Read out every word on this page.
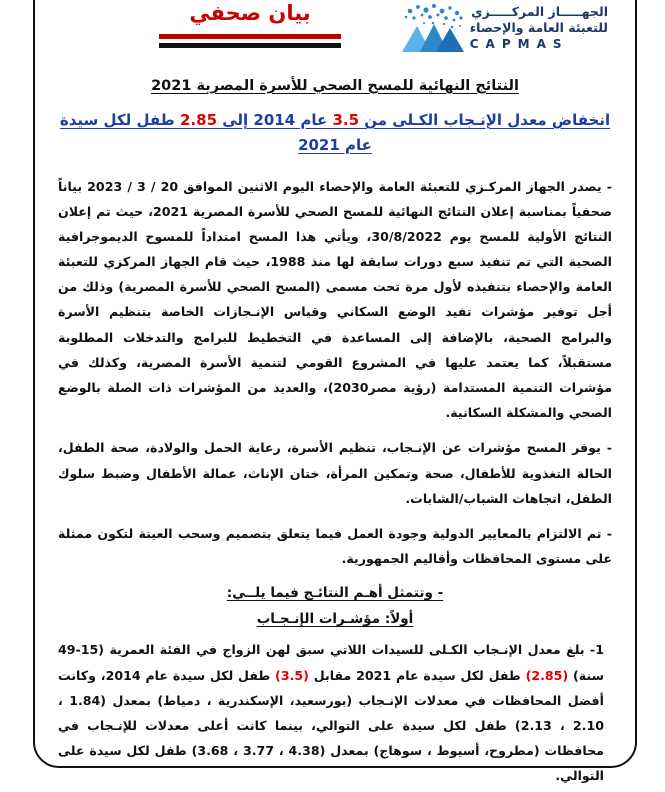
بيان صحفي	الجهـــــاز المركـــــزي
للتعبئة العامة والإحصاء
CAPMAS
النتائج النهائية للمسح الصحي للأسرة المصرية 2021
انخفاض معدل الإنـجاب الكـلى من 3.5 عام 2014 إلى 2.85 طفل لكل سيدة عام 2021

- يصدر الجهاز المركـزي للتعبئة العامة والإحصاء اليوم الاثنين الموافق 20 / 3 / 2023 بياناً صحفياً بمناسبة إعلان النتائج النهائية للمسح الصحي للأسرة المصرية 2021، حيث تم إعلان النتائج الأولية للمسح يوم 30/8/2022، ويأتي هذا المسح امتداداً للمسوح الديموجرافية الصحية التي تم تنفيذ سبع دورات سابقة لها منذ 1988، حيث قام الجهاز المركزي للتعبئة العامة والإحصاء بتنفيذه لأول مرة تحت مسمى (المسح الصحي للأسرة المصرية) وذلك من أجل توفير مؤشرات تفيد الوضع السكاني وقياس الإنـجازات الخاصة بتنظيم الأسرة والبرامج الصحية، بالإضافة إلى المساعدة في التخطيط للبرامج والتدخلات المطلوبة مستقبلاً، كما يعتمد عليها في المشروع القومي لتنمية الأسرة المصرية، وكذلك في مؤشرات التنمية المستدامة (رؤية مصر2030)، والعديد من المؤشرات ذات الصلة بالوضع الصحي والمشكلة السكانية.

- يوفر المسح مؤشرات عن الإنـجاب، تنظيم الأسرة، رعاية الحمل والولادة، صحة الطفل، الحالة التغذوية للأطفال، صحة وتمكين المرأة، ختان الإناث، عمالة الأطفال وضبط سلوك الطفل، اتجاهات الشباب/الشابات.

- تم الالتزام بالمعايير الدولية وجودة العمل فيما يتعلق بتصميم وسحب العينة لتكون ممثلة على مستوى المحافظات وأقاليم الجمهورية.

- وتتمثل أهـم النتائـج فيما يلــي:
أولاً: مؤشـرات الإنـجـاب

1- بلغ معدل الإنـجاب الكـلى للسيدات اللاتي سبق لهن الزواج في الفئة العمرية (15-49 سنة) (2.85) طفل لكل سيدة عام 2021 مقابل (3.5) طفل لكل سيدة عام 2014، وكانت أفضل المحافظات في معدلات الإنـجاب (بورسعيد، الإسكندرية ، دمياط) بمعدل (1.84 ، 2.10 ، 2.13) طفل لكل سيدة على التوالي، بينما كانت أعلى معدلات للإنـجاب في محافظات (مطروح، أسيوط ، سوهاج) بمعدل (4.38 ، 3.77 ، 3.68) طفل لكل سيدة على التوالي.
